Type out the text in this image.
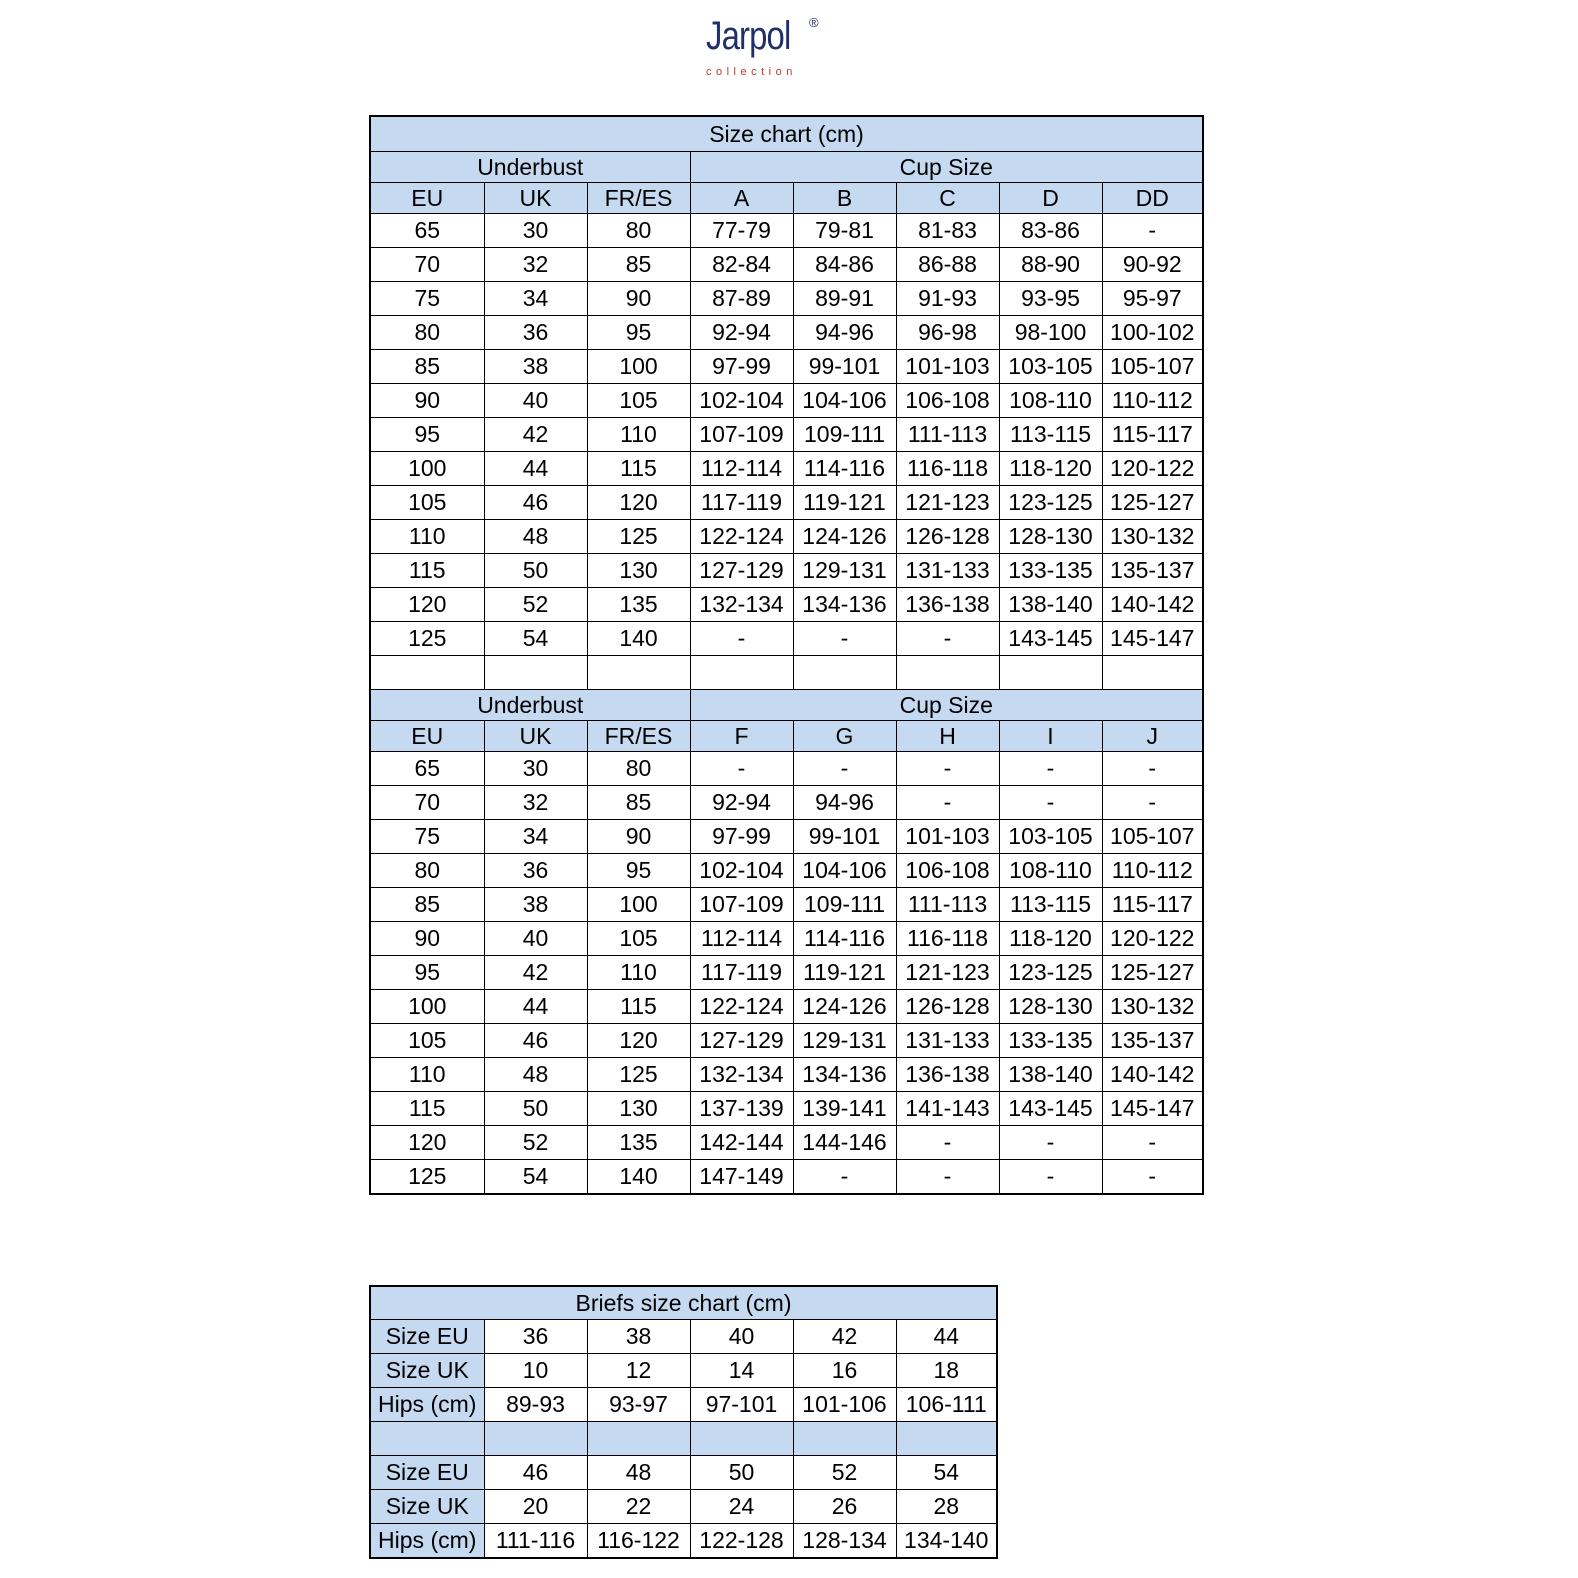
Jarpol ®
collection
Size chart (cm)							
Underbust			Cup Size				
EU	UK	FR/ES	A	B	C	D	DD
65	30	80	77-79	79-81	81-83	83-86	-
70	32	85	82-84	84-86	86-88	88-90	90-92
75	34	90	87-89	89-91	91-93	93-95	95-97
80	36	95	92-94	94-96	96-98	98-100	100-102
85	38	100	97-99	99-101	101-103	103-105	105-107
90	40	105	102-104	104-106	106-108	108-110	110-112
95	42	110	107-109	109-111	111-113	113-115	115-117
100	44	115	112-114	114-116	116-118	118-120	120-122
105	46	120	117-119	119-121	121-123	123-125	125-127
110	48	125	122-124	124-126	126-128	128-130	130-132
115	50	130	127-129	129-131	131-133	133-135	135-137
120	52	135	132-134	134-136	136-138	138-140	140-142
125	54	140	-	-	-	143-145	145-147

Underbust			Cup Size				
EU	UK	FR/ES	F	G	H	I	J
65	30	80	-	-	-	-	-
70	32	85	92-94	94-96	-	-	-
75	34	90	97-99	99-101	101-103	103-105	105-107
80	36	95	102-104	104-106	106-108	108-110	110-112
85	38	100	107-109	109-111	111-113	113-115	115-117
90	40	105	112-114	114-116	116-118	118-120	120-122
95	42	110	117-119	119-121	121-123	123-125	125-127
100	44	115	122-124	124-126	126-128	128-130	130-132
105	46	120	127-129	129-131	131-133	133-135	135-137
110	48	125	132-134	134-136	136-138	138-140	140-142
115	50	130	137-139	139-141	141-143	143-145	145-147
120	52	135	142-144	144-146	-	-	-
125	54	140	147-149	-	-	-	-
Briefs size chart (cm)					
Size EU	36	38	40	42	44
Size UK	10	12	14	16	18
Hips (cm)	89-93	93-97	97-101	101-106	106-111

Size EU	46	48	50	52	54
Size UK	20	22	24	26	28
Hips (cm)	111-116	116-122	122-128	128-134	134-140
